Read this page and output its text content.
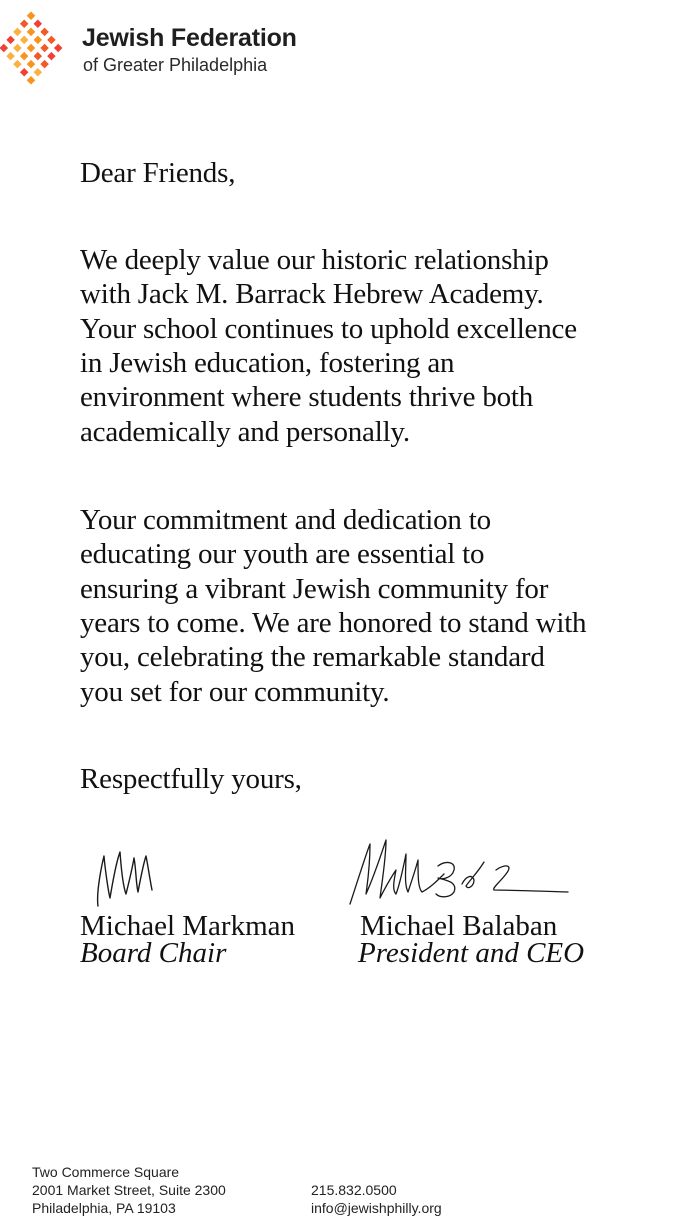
Jewish Federation
of Greater Philadelphia

Dear Friends,

We deeply value our historic relationship

with Jack M. Barrack Hebrew Academy.

Your school continues to uphold excellence

in Jewish education, fostering an

environment where students thrive both

academically and personally.

Your commitment and dedication to

educating our youth are essential to

ensuring a vibrant Jewish community for

years to come. We are honored to stand with

you, celebrating the remarkable standard

you set for our community.

Respectfully yours,

Michael Markman
Board Chair
Michael Balaban
President and CEO
Two Commerce Square
2001 Market Street, Suite 2300
Philadelphia, PA 19103
215.832.0500
info@jewishphilly.org
